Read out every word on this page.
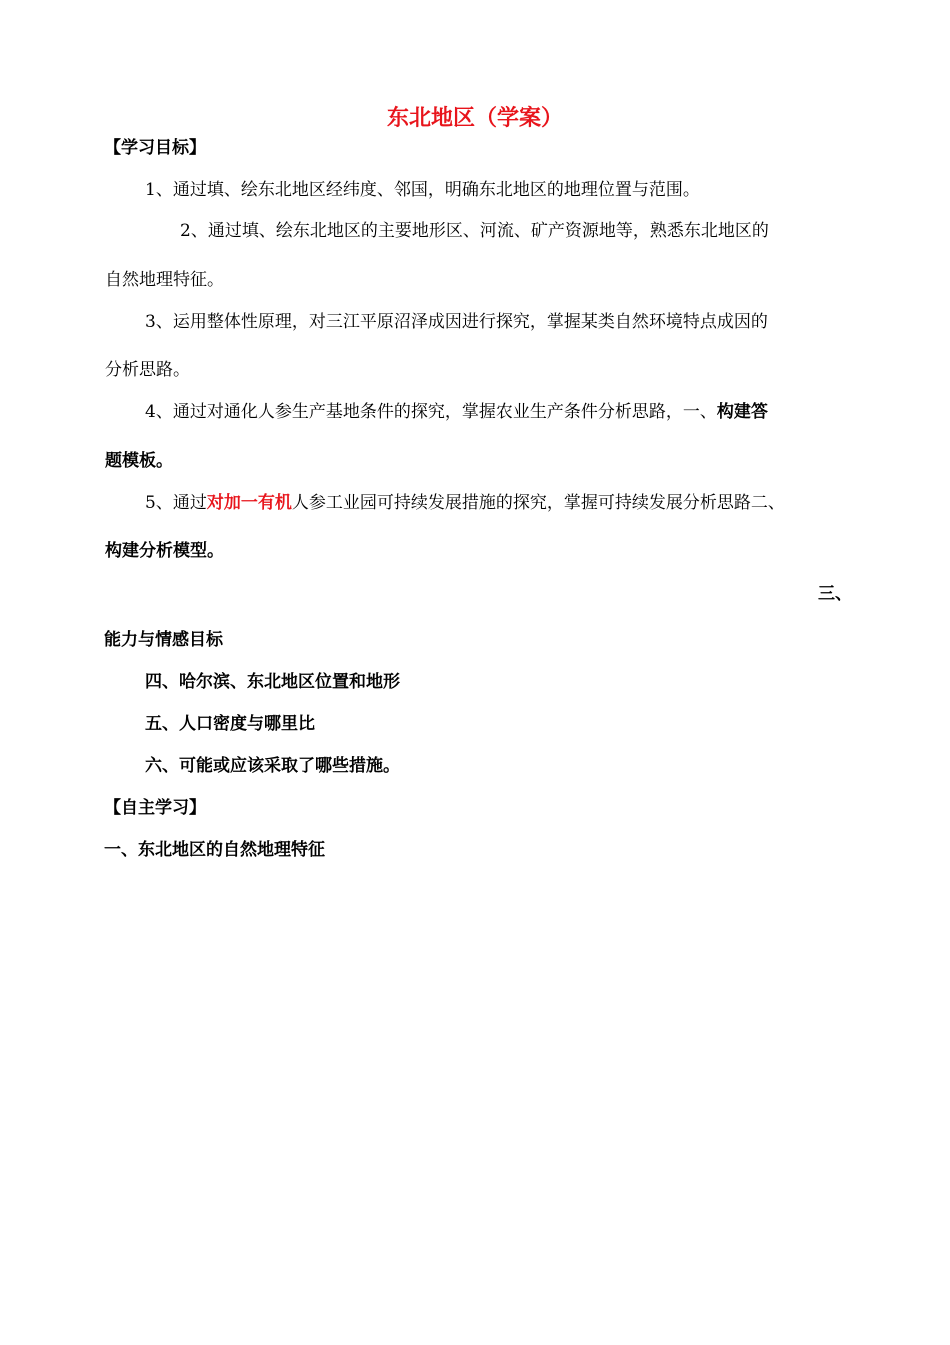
东北地区（学案）

【学习目标】

1、通过填、绘东北地区经纬度、邻国，明确东北地区的地理位置与范围。

2、通过填、绘东北地区的主要地形区、河流、矿产资源地等，熟悉东北地区的

自然地理特征。

3、运用整体性原理，对三江平原沼泽成因进行探究，掌握某类自然环境特点成因的

分析思路。

4、通过对通化人参生产基地条件的探究，掌握农业生产条件分析思路，一、构建答

题模板。

5、通过对加一有机人参工业园可持续发展措施的探究，掌握可持续发展分析思路二、

构建分析模型。

三、

能力与情感目标

四、哈尔滨、东北地区位置和地形

五、人口密度与哪里比

六、可能或应该采取了哪些措施。

【自主学习】

一、东北地区的自然地理特征
